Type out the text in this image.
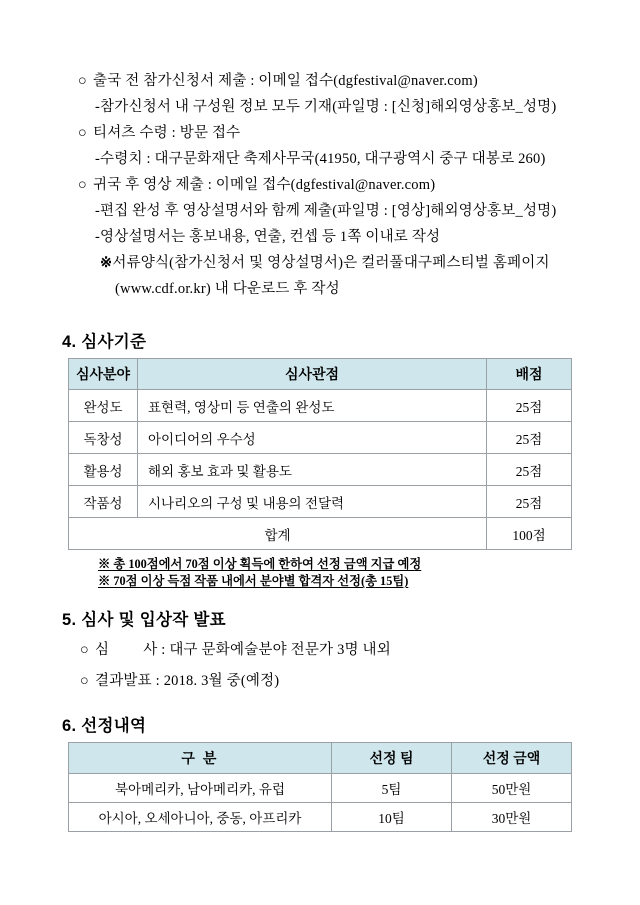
○ 출국 전 참가신청서 제출 : 이메일 접수(dgfestival@naver.com)
-참가신청서 내 구성원 정보 모두 기재(파일명 : [신청]해외영상홍보_성명)
○ 티셔츠 수령 : 방문 접수
-수령치 : 대구문화재단 축제사무국(41950, 대구광역시 중구 대봉로 260)
○ 귀국 후 영상 제출 : 이메일 접수(dgfestival@naver.com)
-편집 완성 후 영상설명서와 함께 제출(파일명 : [영상]해외영상홍보_성명)
-영상설명서는 홍보내용, 연출, 컨셉 등 1쪽 이내로 작성
※서류양식(참가신청서 및 영상설명서)은 컬러풀대구페스티벌 홈페이지
(www.cdf.or.kr) 내 다운로드 후 작성
4. 심사기준
심사분야	심사관점	배점
완성도	표현력, 영상미 등 연출의 완성도	25점
독창성	아이디어의 우수성	25점
활용성	해외 홍보 효과 및 활용도	25점
작품성	시나리오의 구성 및 내용의 전달력	25점
합계		100점
※ 총 100점에서 70점 이상 획득에 한하여 선정 금액 지급 예정
※ 70점 이상 득점 작품 내에서 분야별 합격자 선정(총 15팀)
5. 심사 및 입상작 발표
○ 심 사 : 대구 문화예술분야 전문가 3명 내외
○ 결과발표 : 2018. 3월 중(예정)
6. 선정내역
구 분	선정 팀	선정 금액
북아메리카, 남아메리카, 유럽	5팀	50만원
아시아, 오세아니아, 중동, 아프리카	10팀	30만원
